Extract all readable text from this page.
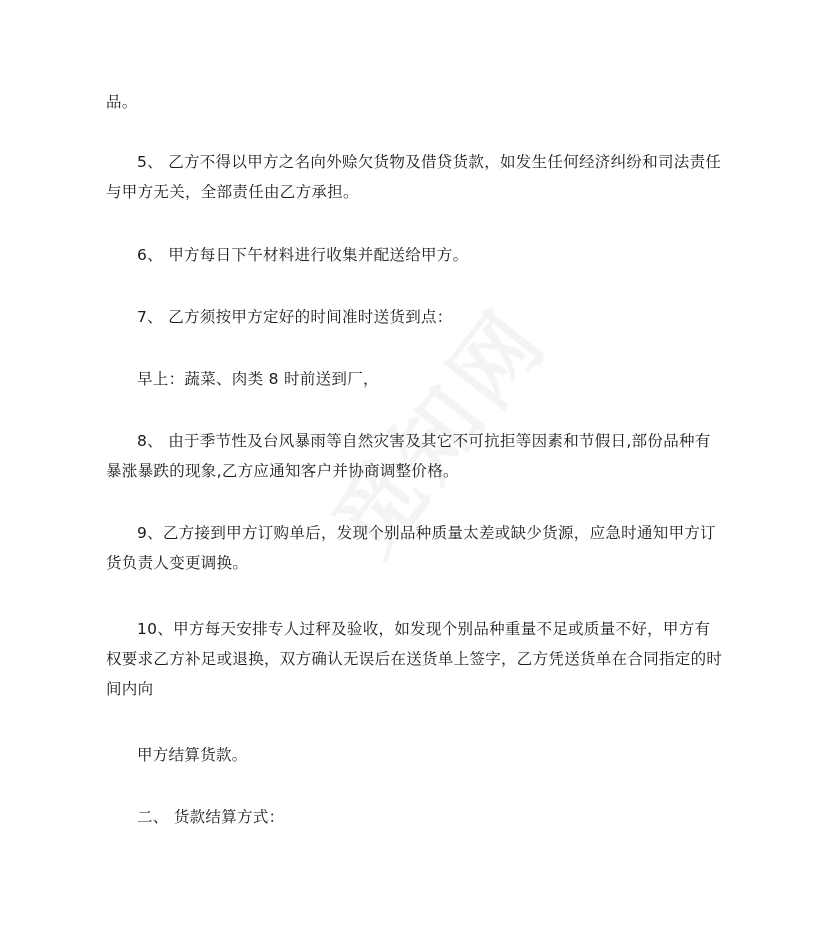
品。

5、 乙方不得以甲方之名向外赊欠货物及借贷货款，如发生任何经济纠纷和司法责任与甲方无关，全部责任由乙方承担。

6、 甲方每日下午材料进行收集并配送给甲方。

7、 乙方须按甲方定好的时间准时送货到点：

早上：蔬菜、肉类 8 时前送到厂，

8、 由于季节性及台风暴雨等自然灾害及其它不可抗拒等因素和节假日,部份品种有暴涨暴跌的现象,乙方应通知客户并协商调整价格。

9、乙方接到甲方订购单后，发现个别品种质量太差或缺少货源，应急时通知甲方订货负责人变更调换。

10、甲方每天安排专人过秤及验收，如发现个别品种重量不足或质量不好，甲方有权要求乙方补足或退换，双方确认无误后在送货单上签字，乙方凭送货单在合同指定的时间内向

甲方结算货款。

二、 货款结算方式：
